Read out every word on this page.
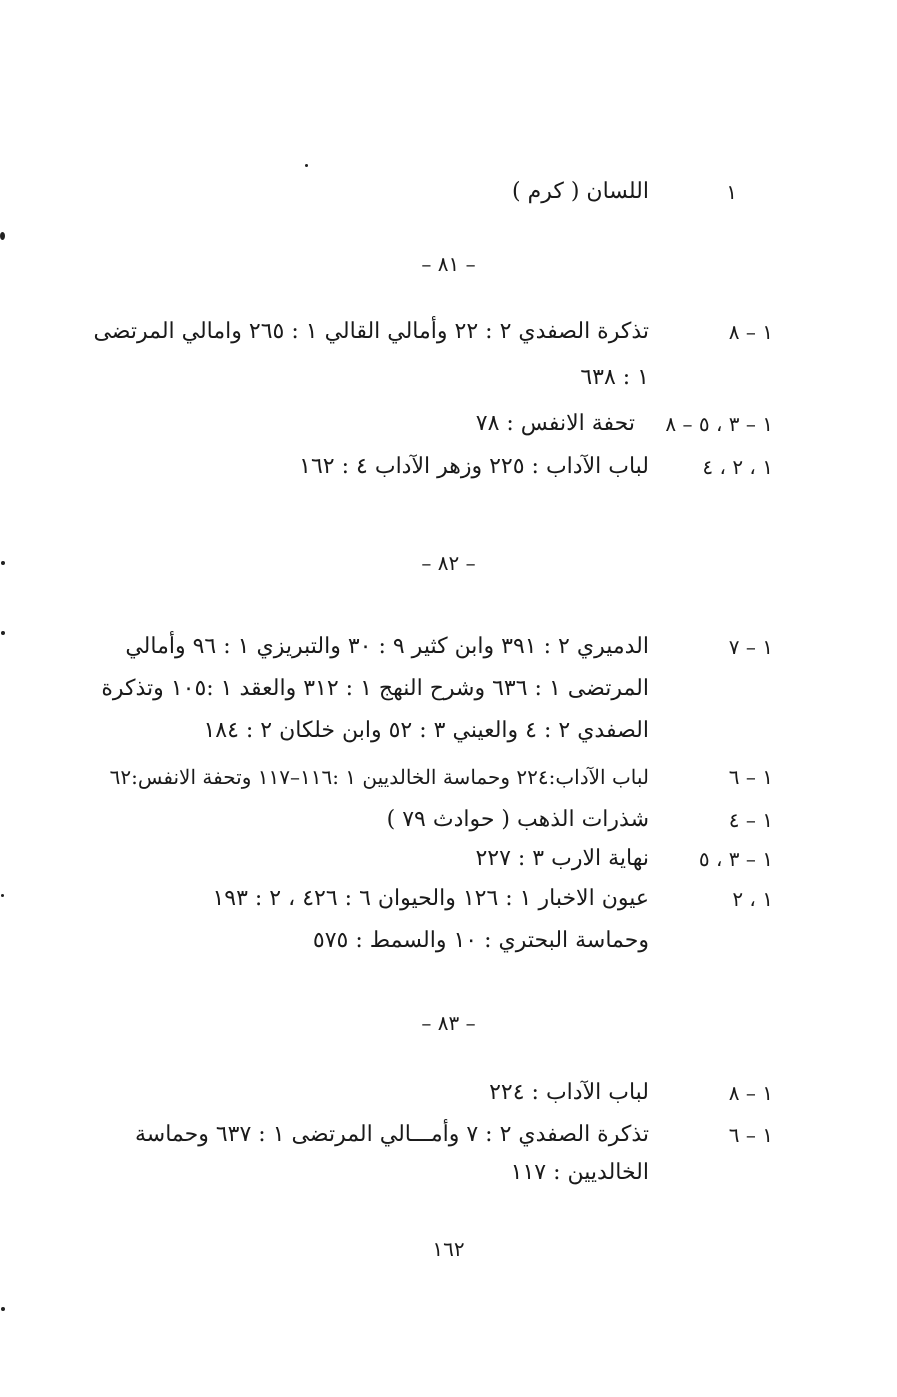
١
اللسان ( كرم )
– ٨١ –
١ – ٨
تذكرة الصفدي ٢ : ٢٢ وأمالي القالي ١ : ٢٦٥ وامالي المرتضى
١ : ٦٣٨
١ – ٣ ، ٥ – ٨
تحفة الانفس : ٧٨
١ ، ٢ ، ٤
لباب الآداب : ٢٢٥ وزهر الآداب ٤ : ١٦٢
– ٨٢ –
١ – ٧
الدميري ٢ : ٣٩١ وابن كثير ٩ : ٣٠ والتبريزي ١ : ٩٦ وأمالي
المرتضى ١ : ٦٣٦ وشرح النهج ١ : ٣١٢ والعقد ١ :١٠٥ وتذكرة
الصفدي ٢ : ٤ والعيني ٣ : ٥٢ وابن خلكان ٢ : ١٨٤
١ – ٦
لباب الآداب:٢٢٤ وحماسة الخالديين ١ :١١٦–١١٧ وتحفة الانفس:٦٢
١ – ٤
شذرات الذهب ( حوادث ٧٩ )
١ – ٣ ، ٥
نهاية الارب ٣ : ٢٢٧
١ ، ٢
عيون الاخبار ١ : ١٢٦ والحيوان ٦ : ٤٢٦ ، ٢ : ١٩٣
وحماسة البحتري : ١٠ والسمط : ٥٧٥
– ٨٣ –
١ – ٨
لباب الآداب : ٢٢٤
١ – ٦
تذكرة الصفدي ٢ : ٧ وأمـــالي المرتضى ١ : ٦٣٧ وحماسة
الخالديين : ١١٧
١٦٢
